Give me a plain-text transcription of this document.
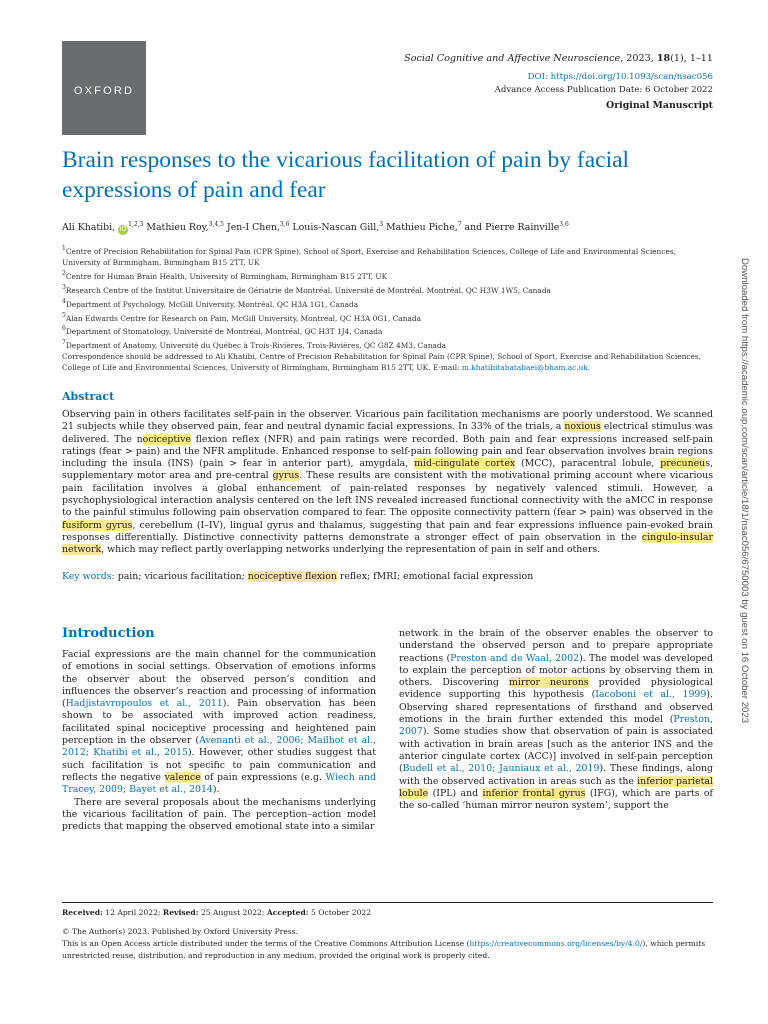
OXFORD
Social Cognitive and Affective Neuroscience, 2023, 18(1), 1–11
DOI: https://doi.org/10.1093/scan/nsac056
Advance Access Publication Date: 6 October 2022
Original Manuscript
Brain responses to the vicarious facilitation of pain by facial expressions of pain and fear
Ali Khatibi, iD$^{1,2,3}$ Mathieu Roy,$^{3,4,5}$ Jen-I Chen,$^{3,6}$ Louis-Nascan Gill,$^3$ Mathieu Piche,$^7$ and Pierre Rainville$^{3,6}$
$^1$Centre of Precision Rehabilitation for Spinal Pain (CPR Spine), School of Sport, Exercise and Rehabilitation Sciences, College of Life and Environmental Sciences, University of Birmingham, Birmingham B15 2TT, UK
$^2$Centre for Human Brain Health, University of Birmingham, Birmingham B15 2TT, UK
$^3$Research Centre of the Institut Universitaire de Gériatrie de Montréal, Université de Montréal, Montréal, QC H3W 1W5, Canada
$^4$Department of Psychology, McGill University, Montréal, QC H3A 1G1, Canada
$^5$Alan Edwards Centre for Research on Pain, McGill University, Montreal, QC H3A 0G1, Canada
$^6$Department of Stomatology, Université de Montréal, Montréal, QC H3T 1J4, Canada
$^7$Department of Anatomy, Université du Québec à Trois-Rivières, Trois-Rivières, QC G8Z 4M3, Canada
Correspondence should be addressed to Ali Khatibi, Centre of Precision Rehabilitation for Spinal Pain (CPR Spine), School of Sport, Exercise and Rehabilitation Sciences, College of Life and Environmental Sciences, University of Birmingham, Birmingham B15 2TT, UK. E-mail: m.khatibitabatabaei@bham.ac.uk.
Abstract
Observing pain in others facilitates self-pain in the observer. Vicarious pain facilitation mechanisms are poorly understood. We scanned 21 subjects while they observed pain, fear and neutral dynamic facial expressions. In 33% of the trials, a noxious electrical stimulus was delivered. The nociceptive flexion reflex (NFR) and pain ratings were recorded. Both pain and fear expressions increased self-pain ratings (fear > pain) and the NFR amplitude. Enhanced response to self-pain following pain and fear observation involves brain regions including the insula (INS) (pain > fear in anterior part), amygdala, mid-cingulate cortex (MCC), paracentral lobule, precuneus, supplementary motor area and pre-central gyrus. These results are consistent with the motivational priming account where vicarious pain facilitation involves a global enhancement of pain-related responses by negatively valenced stimuli. However, a psychophysiological interaction analysis centered on the left INS revealed increased functional connectivity with the aMCC in response to the painful stimulus following pain observation compared to fear. The opposite connectivity pattern (fear > pain) was observed in the fusiform gyrus, cerebellum (I–IV), lingual gyrus and thalamus, suggesting that pain and fear expressions influence pain-evoked brain responses differentially. Distinctive connectivity patterns demonstrate a stronger effect of pain observation in the cingulo-insular network, which may reflect partly overlapping networks underlying the representation of pain in self and others.
Key words: pain; vicarious facilitation; nociceptive flexion reflex; fMRI; emotional facial expression
Introduction

Facial expressions are the main channel for the communication of emotions in social settings. Observation of emotions informs the observer about the observed person’s condition and influences the observer’s reaction and processing of information (Hadjistavropoulos et al., 2011). Pain observation has been shown to be associated with improved action readiness, facilitated spinal nociceptive processing and heightened pain perception in the observer (Avenanti et al., 2006; Mailhot et al., 2012; Khatibi et al., 2015). However, other studies suggest that such facilitation is not specific to pain communication and reflects the negative valence of pain expressions (e.g. Wiech and Tracey, 2009; Bayet et al., 2014).

There are several proposals about the mechanisms underlying the vicarious facilitation of pain. The perception–action model predicts that mapping the observed emotional state into a similar

network in the brain of the observer enables the observer to understand the observed person and to prepare appropriate reactions (Preston and de Waal, 2002). The model was developed to explain the perception of motor actions by observing them in others. Discovering mirror neurons provided physiological evidence supporting this hypothesis (Iacoboni et al., 1999). Observing shared representations of firsthand and observed emotions in the brain further extended this model (Preston, 2007). Some studies show that observation of pain is associated with activation in brain areas [such as the anterior INS and the anterior cingulate cortex (ACC)] involved in self-pain perception (Budell et al., 2010; Jauniaux et al., 2019). These findings, along with the observed activation in areas such as the inferior parietal lobule (IPL) and inferior frontal gyrus (IFG), which are parts of the so-called ‘human mirror neuron system’, support the

Received: 12 April 2022; Revised: 25 August 2022; Accepted: 5 October 2022
© The Author(s) 2023. Published by Oxford University Press.
This is an Open Access article distributed under the terms of the Creative Commons Attribution License (https://creativecommons.org/licenses/by/4.0/), which permits unrestricted reuse, distribution, and reproduction in any medium, provided the original work is properly cited.
Downloaded from https://academic.oup.com/scan/article/18/1/nsac056/6750003 by guest on 16 October 2023
